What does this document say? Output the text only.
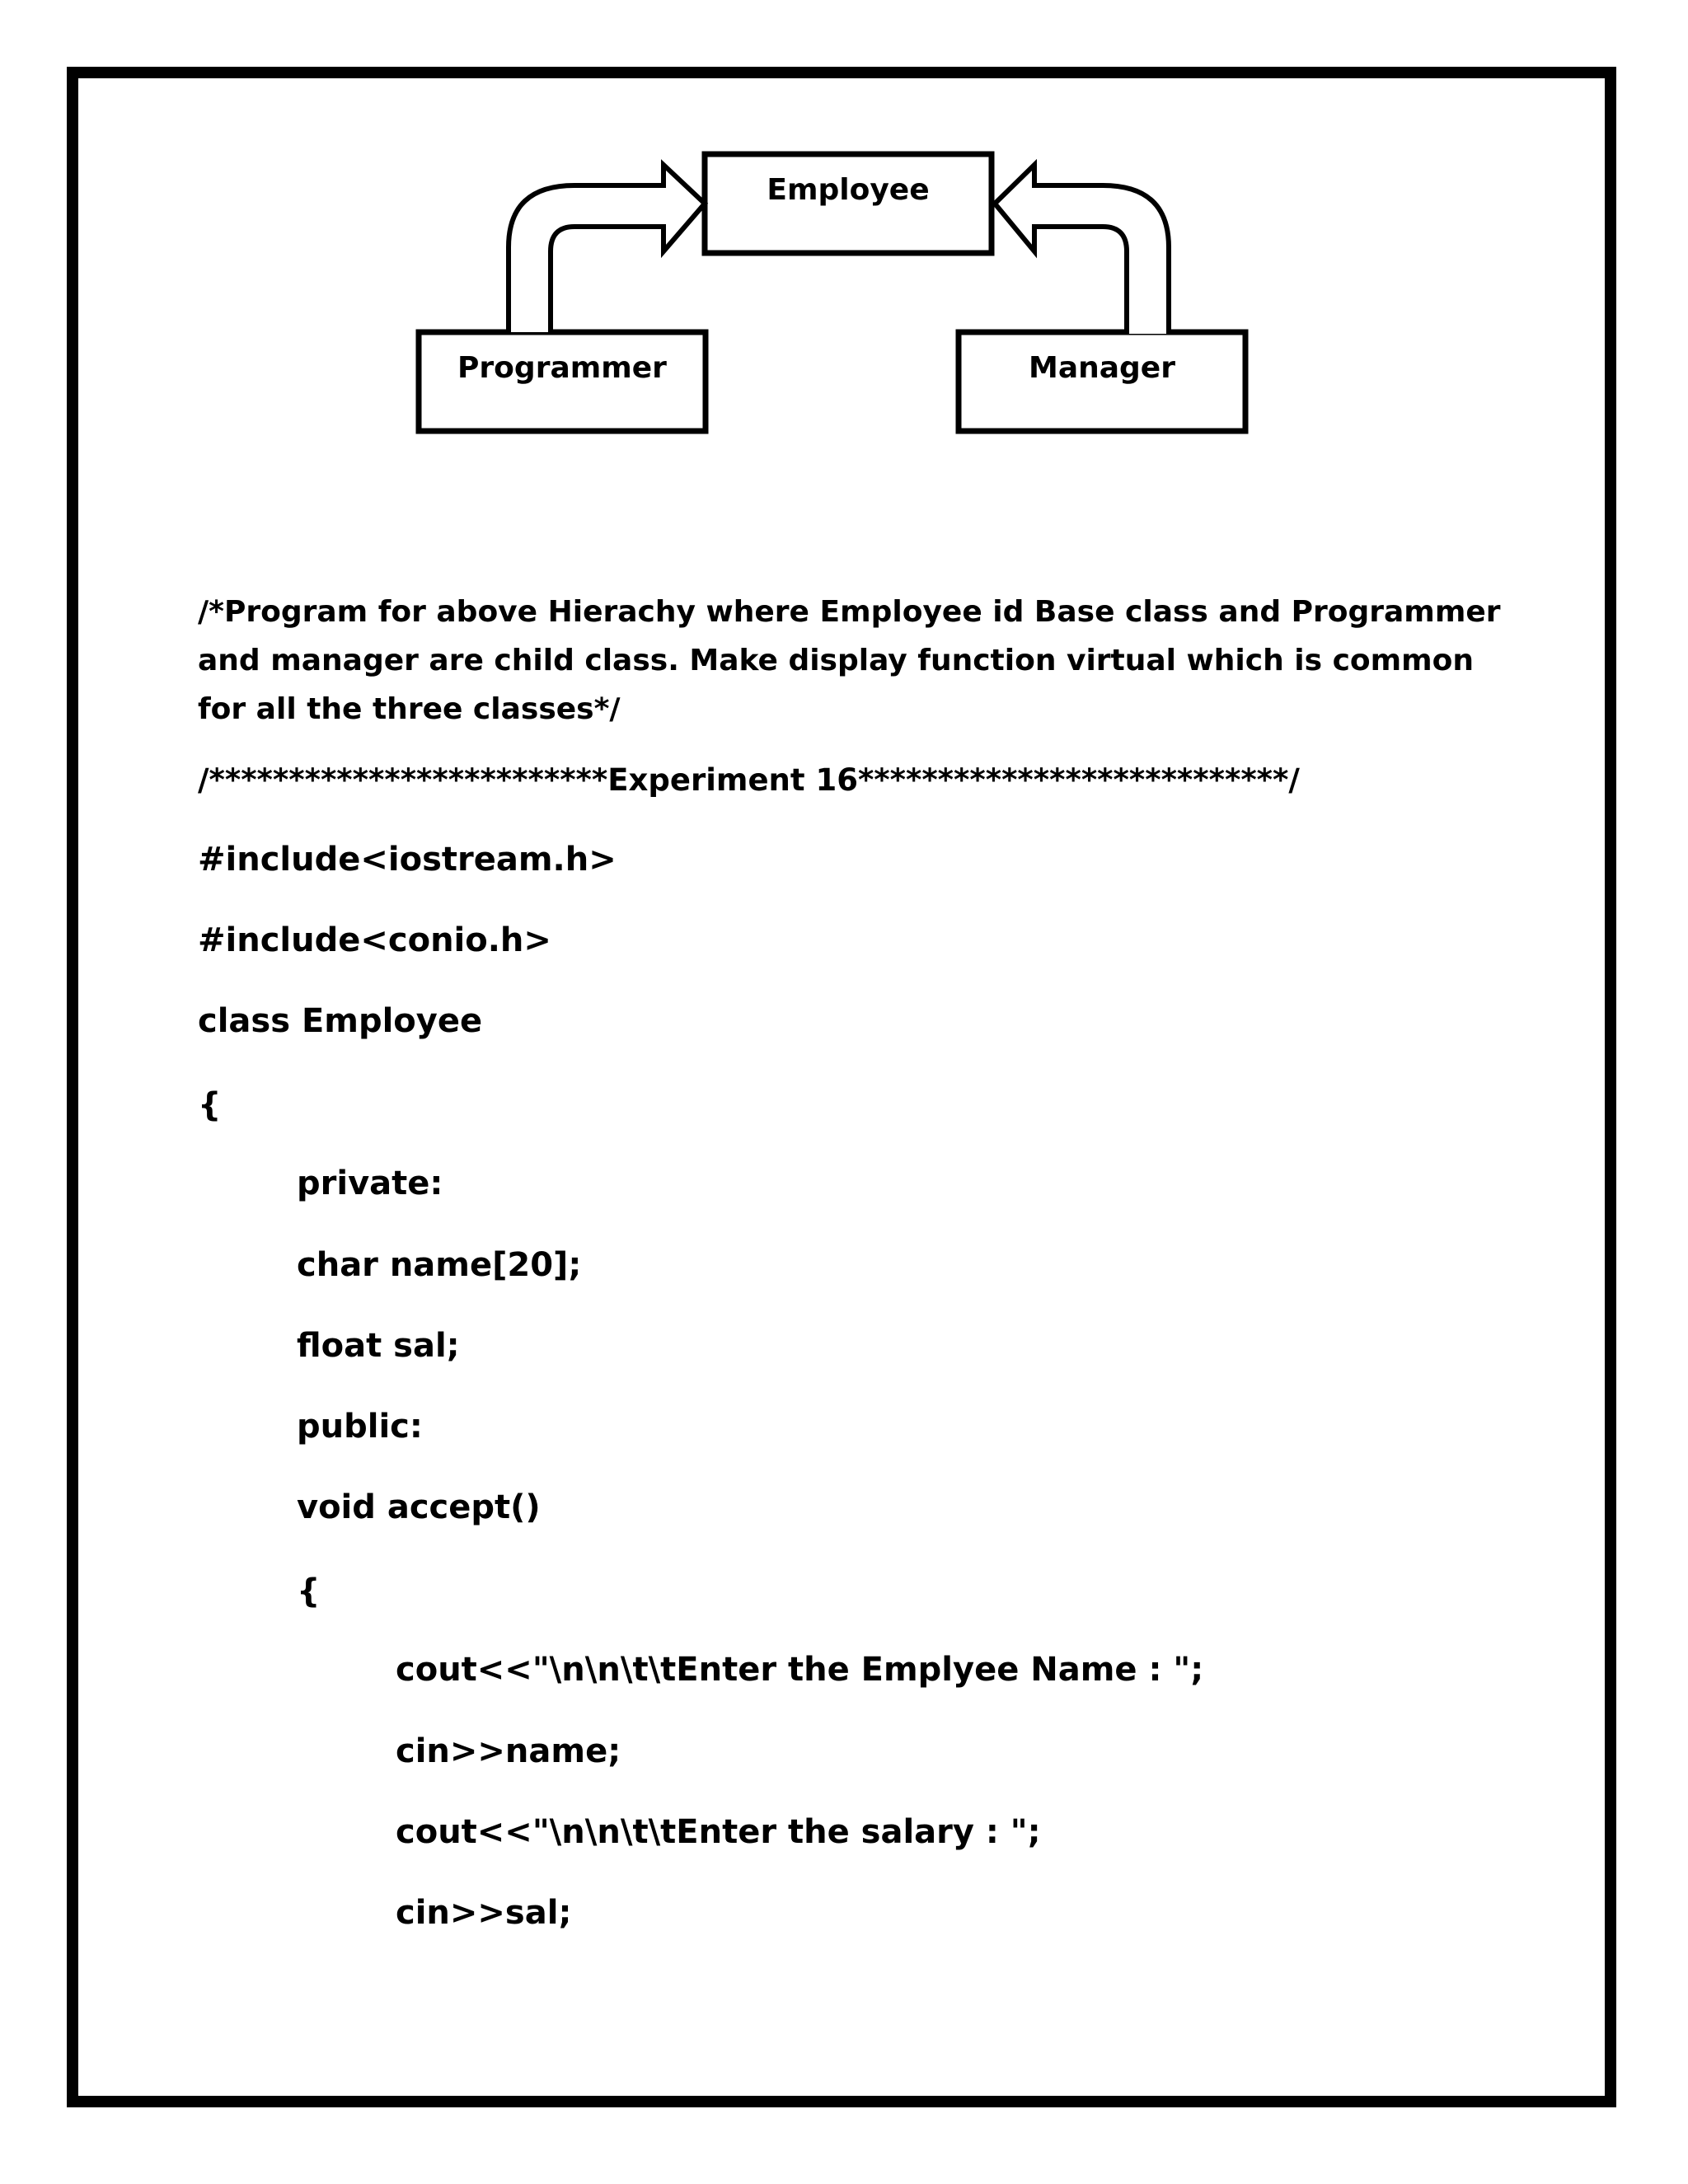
Employee
Programmer	Manager
/*Program for above Hierachy where Employee id Base class and Programmer
and manager are child class. Make display function virtual which is common
for all the three classes*/
/*************************Experiment 16***************************/
#include<iostream.h>
#include<conio.h>
class Employee
{
private:
char name[20];
float sal;
public:
void accept()
{
cout<<"\n\n\t\tEnter the Emplyee Name : ";
cin>>name;
cout<<"\n\n\t\tEnter the salary : ";
cin>>sal;
